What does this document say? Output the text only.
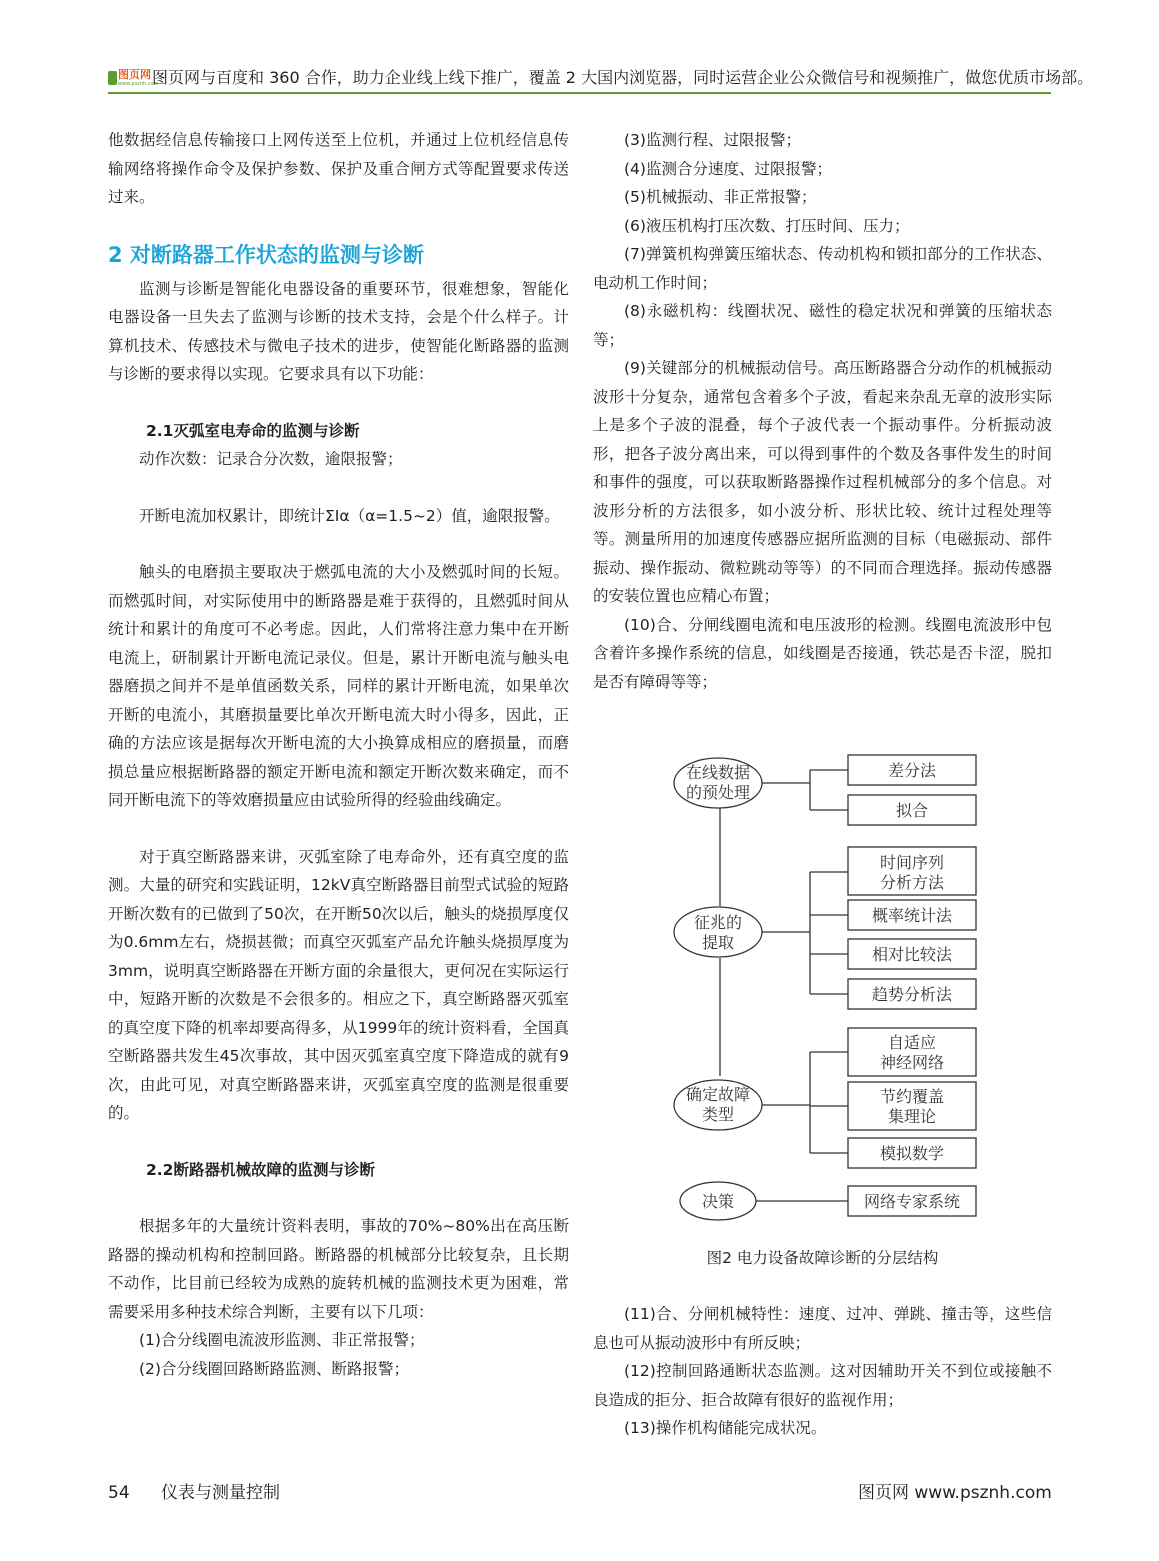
图页网
www.psznh.com
图页网与百度和 360 合作，助力企业线上线下推广，覆盖 2 大国内浏览器，同时运营企业公众微信号和视频推广，做您优质市场部。

他数据经信息传输接口上网传送至上位机，并通过上位机经信息传输网络将操作命令及保护参数、保护及重合闸方式等配置要求传送过来。

2 对断路器工作状态的监测与诊断

监测与诊断是智能化电器设备的重要环节，很难想象，智能化电器设备一旦失去了监测与诊断的技术支持，会是个什么样子。计算机技术、传感技术与微电子技术的进步，使智能化断路器的监测与诊断的要求得以实现。它要求具有以下功能：

2.1灭弧室电寿命的监测与诊断

动作次数：记录合分次数，逾限报警；

开断电流加权累计，即统计ΣIα（α=1.5~2）值，逾限报警。

触头的电磨损主要取决于燃弧电流的大小及燃弧时间的长短。而燃弧时间，对实际使用中的断路器是难于获得的，且燃弧时间从统计和累计的角度可不必考虑。因此，人们常将注意力集中在开断电流上，研制累计开断电流记录仪。但是，累计开断电流与触头电器磨损之间并不是单值函数关系，同样的累计开断电流，如果单次开断的电流小，其磨损量要比单次开断电流大时小得多，因此，正确的方法应该是据每次开断电流的大小换算成相应的磨损量，而磨损总量应根据断路器的额定开断电流和额定开断次数来确定，而不同开断电流下的等效磨损量应由试验所得的经验曲线确定。

对于真空断路器来讲，灭弧室除了电寿命外，还有真空度的监测。大量的研究和实践证明，12kV真空断路器目前型式试验的短路开断次数有的已做到了50次，在开断50次以后，触头的烧损厚度仅为0.6mm左右，烧损甚微；而真空灭弧室产品允许触头烧损厚度为3mm，说明真空断路器在开断方面的余量很大，更何况在实际运行中，短路开断的次数是不会很多的。相应之下，真空断路器灭弧室的真空度下降的机率却要高得多，从1999年的统计资料看，全国真空断路器共发生45次事故，其中因灭弧室真空度下降造成的就有9次，由此可见，对真空断路器来讲，灭弧室真空度的监测是很重要的。

2.2断路器机械故障的监测与诊断

根据多年的大量统计资料表明，事故的70%~80%出在高压断路器的操动机构和控制回路。断路器的机械部分比较复杂，且长期不动作，比目前已经较为成熟的旋转机械的监测技术更为困难，常需要采用多种技术综合判断，主要有以下几项：

(1)合分线圈电流波形监测、非正常报警；

(2)合分线圈回路断路监测、断路报警；

(3)监测行程、过限报警；

(4)监测合分速度、过限报警；

(5)机械振动、非正常报警；

(6)液压机构打压次数、打压时间、压力；

(7)弹簧机构弹簧压缩状态、传动机构和锁扣部分的工作状态、电动机工作时间；

(8)永磁机构：线圈状况、磁性的稳定状况和弹簧的压缩状态等；

(9)关键部分的机械振动信号。高压断路器合分动作的机械振动波形十分复杂，通常包含着多个子波，看起来杂乱无章的波形实际上是多个子波的混叠，每个子波代表一个振动事件。分析振动波形，把各子波分离出来，可以得到事件的个数及各事件发生的时间和事件的强度，可以获取断路器操作过程机械部分的多个信息。对波形分析的方法很多，如小波分析、形状比较、统计过程处理等等。测量所用的加速度传感器应据所监测的目标（电磁振动、部件振动、操作振动、微粒跳动等等）的不同而合理选择。振动传感器的安装位置也应精心布置；

(10)合、分闸线圈电流和电压波形的检测。线圈电流波形中包含着许多操作系统的信息，如线圈是否接通，铁芯是否卡涩，脱扣是否有障碍等等；

在线数据
的预处理
差分法
拟合
征兆的
提取
时间序列
分析方法
概率统计法
相对比较法
趋势分析法
确定故障
类型
自适应
神经网络
节约覆盖
集理论
模拟数学
决策	网络专家系统
图2 电力设备故障诊断的分层结构

(11)合、分闸机械特性：速度、过冲、弹跳、撞击等，这些信息也可从振动波形中有所反映；

(12)控制回路通断状态监测。这对因辅助开关不到位或接触不良造成的拒分、拒合故障有很好的监视作用；

(13)操作机构储能完成状况。

54 仪表与测量控制	图页网 www.psznh.com
